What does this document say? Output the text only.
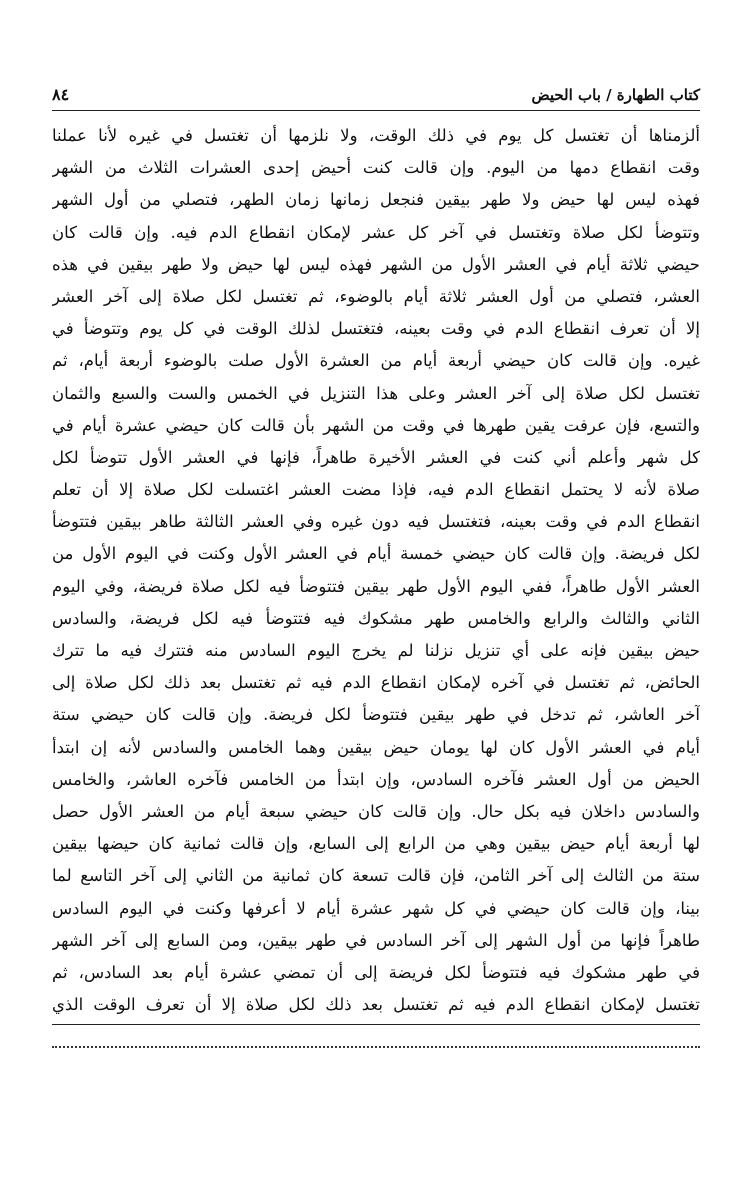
كتاب الطهارة / باب الحيض
٨٤
ألزمناها أن تغتسل كل يوم في ذلك الوقت، ولا نلزمها أن تغتسل في غيره لأنا عملنا
وقت انقطاع دمها من اليوم. وإن قالت كنت أحيض إحدى العشرات الثلاث من الشهر
فهذه ليس لها حيض ولا طهر بيقين فنجعل زمانها زمان الطهر، فتصلي من أول الشهر
وتتوضأ لكل صلاة وتغتسل في آخر كل عشر لإمكان انقطاع الدم فيه. وإن قالت كان
حيضي ثلاثة أيام في العشر الأول من الشهر فهذه ليس لها حيض ولا طهر بيقين في هذه
العشر، فتصلي من أول العشر ثلاثة أيام بالوضوء، ثم تغتسل لكل صلاة إلى آخر العشر
إلا أن تعرف انقطاع الدم في وقت بعينه، فتغتسل لذلك الوقت في كل يوم وتتوضأ في
غيره. وإن قالت كان حيضي أربعة أيام من العشرة الأول صلت بالوضوء أربعة أيام، ثم
تغتسل لكل صلاة إلى آخر العشر وعلى هذا التنزيل في الخمس والست والسبع والثمان
والتسع، فإن عرفت يقين طهرها في وقت من الشهر بأن قالت كان حيضي عشرة أيام في
كل شهر وأعلم أني كنت في العشر الأخيرة طاهراً، فإنها في العشر الأول تتوضأ لكل
صلاة لأنه لا يحتمل انقطاع الدم فيه، فإذا مضت العشر اغتسلت لكل صلاة إلا أن تعلم
انقطاع الدم في وقت بعينه، فتغتسل فيه دون غيره وفي العشر الثالثة طاهر بيقين فتتوضأ
لكل فريضة. وإن قالت كان حيضي خمسة أيام في العشر الأول وكنت في اليوم الأول من
العشر الأول طاهراً، ففي اليوم الأول طهر بيقين فتتوضأ فيه لكل صلاة فريضة، وفي اليوم
الثاني والثالث والرابع والخامس طهر مشكوك فيه فتتوضأ فيه لكل فريضة، والسادس
حيض بيقين فإنه على أي تنزيل نزلنا لم يخرج اليوم السادس منه فتترك فيه ما تترك
الحائض، ثم تغتسل في آخره لإمكان انقطاع الدم فيه ثم تغتسل بعد ذلك لكل صلاة إلى
آخر العاشر، ثم تدخل في طهر بيقين فتتوضأ لكل فريضة. وإن قالت كان حيضي ستة
أيام في العشر الأول كان لها يومان حيض بيقين وهما الخامس والسادس لأنه إن ابتدأ
الحيض من أول العشر فآخره السادس، وإن ابتدأ من الخامس فآخره العاشر، والخامس
والسادس داخلان فيه بكل حال. وإن قالت كان حيضي سبعة أيام من العشر الأول حصل
لها أربعة أيام حيض بيقين وهي من الرابع إلى السابع، وإن قالت ثمانية كان حيضها بيقين
ستة من الثالث إلى آخر الثامن، فإن قالت تسعة كان ثمانية من الثاني إلى آخر التاسع لما
بينا، وإن قالت كان حيضي في كل شهر عشرة أيام لا أعرفها وكنت في اليوم السادس
طاهراً فإنها من أول الشهر إلى آخر السادس في طهر بيقين، ومن السابع إلى آخر الشهر
في طهر مشكوك فيه فتتوضأ لكل فريضة إلى أن تمضي عشرة أيام بعد السادس، ثم
تغتسل لإمكان انقطاع الدم فيه ثم تغتسل بعد ذلك لكل صلاة إلا أن تعرف الوقت الذي
